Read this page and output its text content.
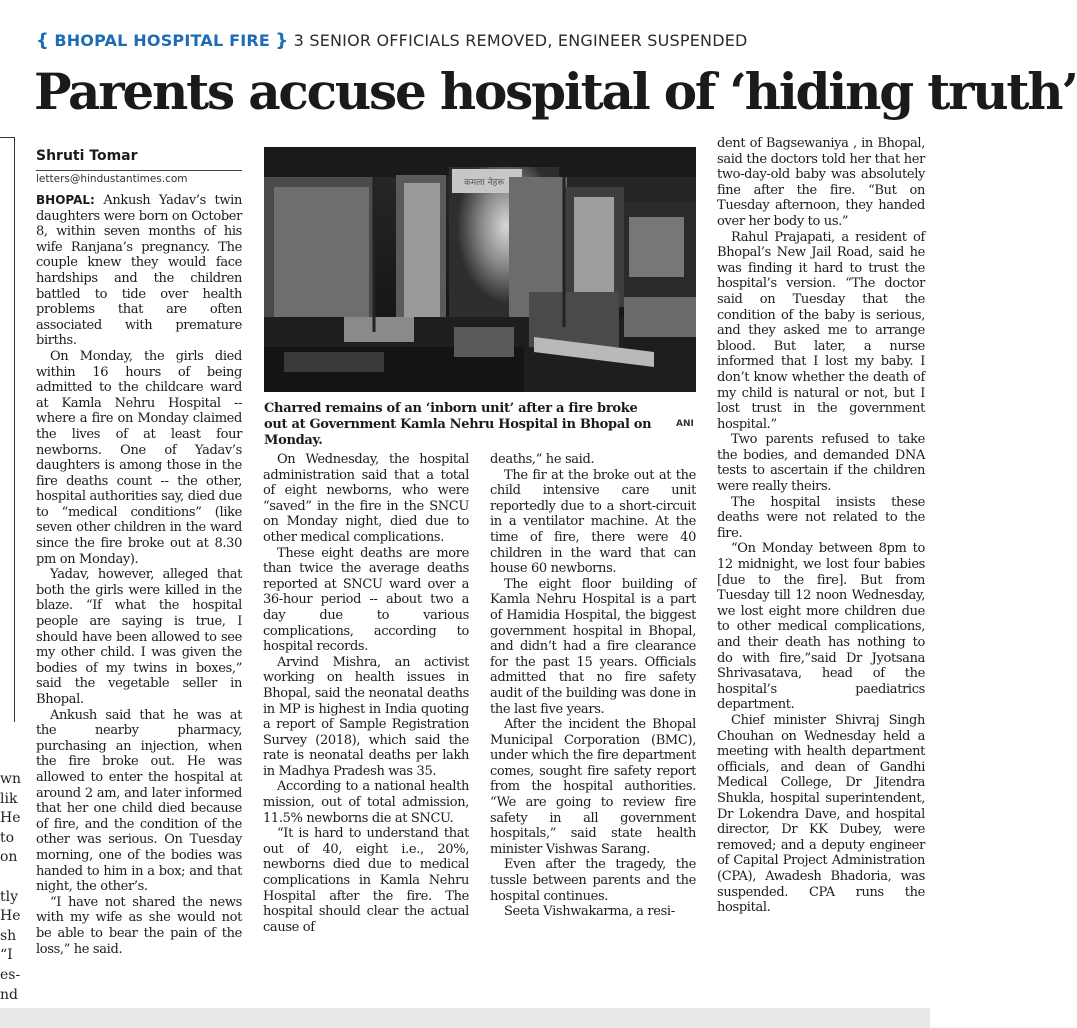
wn
lik
He
to
on
tly
He
sh
“I
es-
nd
{ BHOPAL HOSPITAL FIRE } 3 SENIOR OFFICIALS REMOVED, ENGINEER SUSPENDED
Parents accuse hospital of ‘hiding truth’
Shruti Tomar
letters@hindustantimes.com

BHOPAL: Ankush Yadav’s twin daughters were born on October 8, within seven months of his wife Ranjana’s pregnancy. The couple knew they would face hardships and the children battled to tide over health problems that are often associated with premature births.

On Monday, the girls died within 16 hours of being admitted to the childcare ward at Kamla Nehru Hospital -- where a fire on Monday claimed the lives of at least four newborns. One of Yadav’s daughters is among those in the fire deaths count -- the other, hospital authorities say, died due to “medical conditions” (like seven other children in the ward since the fire broke out at 8.30 pm on Monday).

Yadav, however, alleged that both the girls were killed in the blaze. “If what the hospital people are saying is true, I should have been allowed to see my other child. I was given the bodies of my twins in boxes,” said the vegetable seller in Bhopal.

Ankush said that he was at the nearby pharmacy, purchasing an injection, when the fire broke out. He was allowed to enter the hospital at around 2 am, and later informed that her one child died because of fire, and the condition of the other was serious. On Tuesday morning, one of the bodies was handed to him in a box; and that night, the other’s.

“I have not shared the news with my wife as she would not be able to bear the pain of the loss,” he said.

कमला नेहरू
Charred remains of an ‘inborn unit’ after a fire broke out at Government Kamla Nehru Hospital in Bhopal on Monday.
ANI

On Wednesday, the hospital administration said that a total of eight newborns, who were “saved” in the fire in the SNCU on Monday night, died due to other medical complications.

These eight deaths are more than twice the average deaths reported at SNCU ward over a 36-hour period -- about two a day due to various complications, according to hospital records.

Arvind Mishra, an activist working on health issues in Bhopal, said the neonatal deaths in MP is highest in India quoting a report of Sample Registration Survey (2018), which said the rate is neonatal deaths per lakh in Madhya Pradesh was 35.

According to a national health mission, out of total admission, 11.5% newborns die at SNCU.

“It is hard to understand that out of 40, eight i.e., 20%, newborns died due to medical complications in Kamla Nehru Hospital after the fire. The hospital should clear the actual cause of

deaths,” he said.

The fir at the broke out at the child intensive care unit reportedly due to a short-circuit in a ventilator machine. At the time of fire, there were 40 children in the ward that can house 60 newborns.

The eight floor building of Kamla Nehru Hospital is a part of Hamidia Hospital, the biggest government hospital in Bhopal, and didn’t had a fire clearance for the past 15 years. Officials admitted that no fire safety audit of the building was done in the last five years.

After the incident the Bhopal Municipal Corporation (BMC), under which the fire department comes, sought fire safety report from the hospital authorities. “We are going to review fire safety in all government hospitals,” said state health minister Vishwas Sarang.

Even after the tragedy, the tussle between parents and the hospital continues.

Seeta Vishwakarma, a resi-

dent of Bagsewaniya , in Bhopal, said the doctors told her that her two-day-old baby was absolutely fine after the fire. “But on Tuesday afternoon, they handed over her body to us.”

Rahul Prajapati, a resident of Bhopal’s New Jail Road, said he was finding it hard to trust the hospital’s version. “The doctor said on Tuesday that the condition of the baby is serious, and they asked me to arrange blood. But later, a nurse informed that I lost my baby. I don’t know whether the death of my child is natural or not, but I lost trust in the government hospital.”

Two parents refused to take the bodies, and demanded DNA tests to ascertain if the children were really theirs.

The hospital insists these deaths were not related to the fire.

“On Monday between 8pm to 12 midnight, we lost four babies [due to the fire]. But from Tuesday till 12 noon Wednesday, we lost eight more children due to other medical complications, and their death has nothing to do with fire,”said Dr Jyotsana Shrivasatava, head of the hospital’s paediatrics department.

Chief minister Shivraj Singh Chouhan on Wednesday held a meeting with health department officials, and dean of Gandhi Medical College, Dr Jitendra Shukla, hospital superintendent, Dr Lokendra Dave, and hospital director, Dr KK Dubey, were removed; and a deputy engineer of Capital Project Administration (CPA), Awadesh Bhadoria, was suspended. CPA runs the hospital.
